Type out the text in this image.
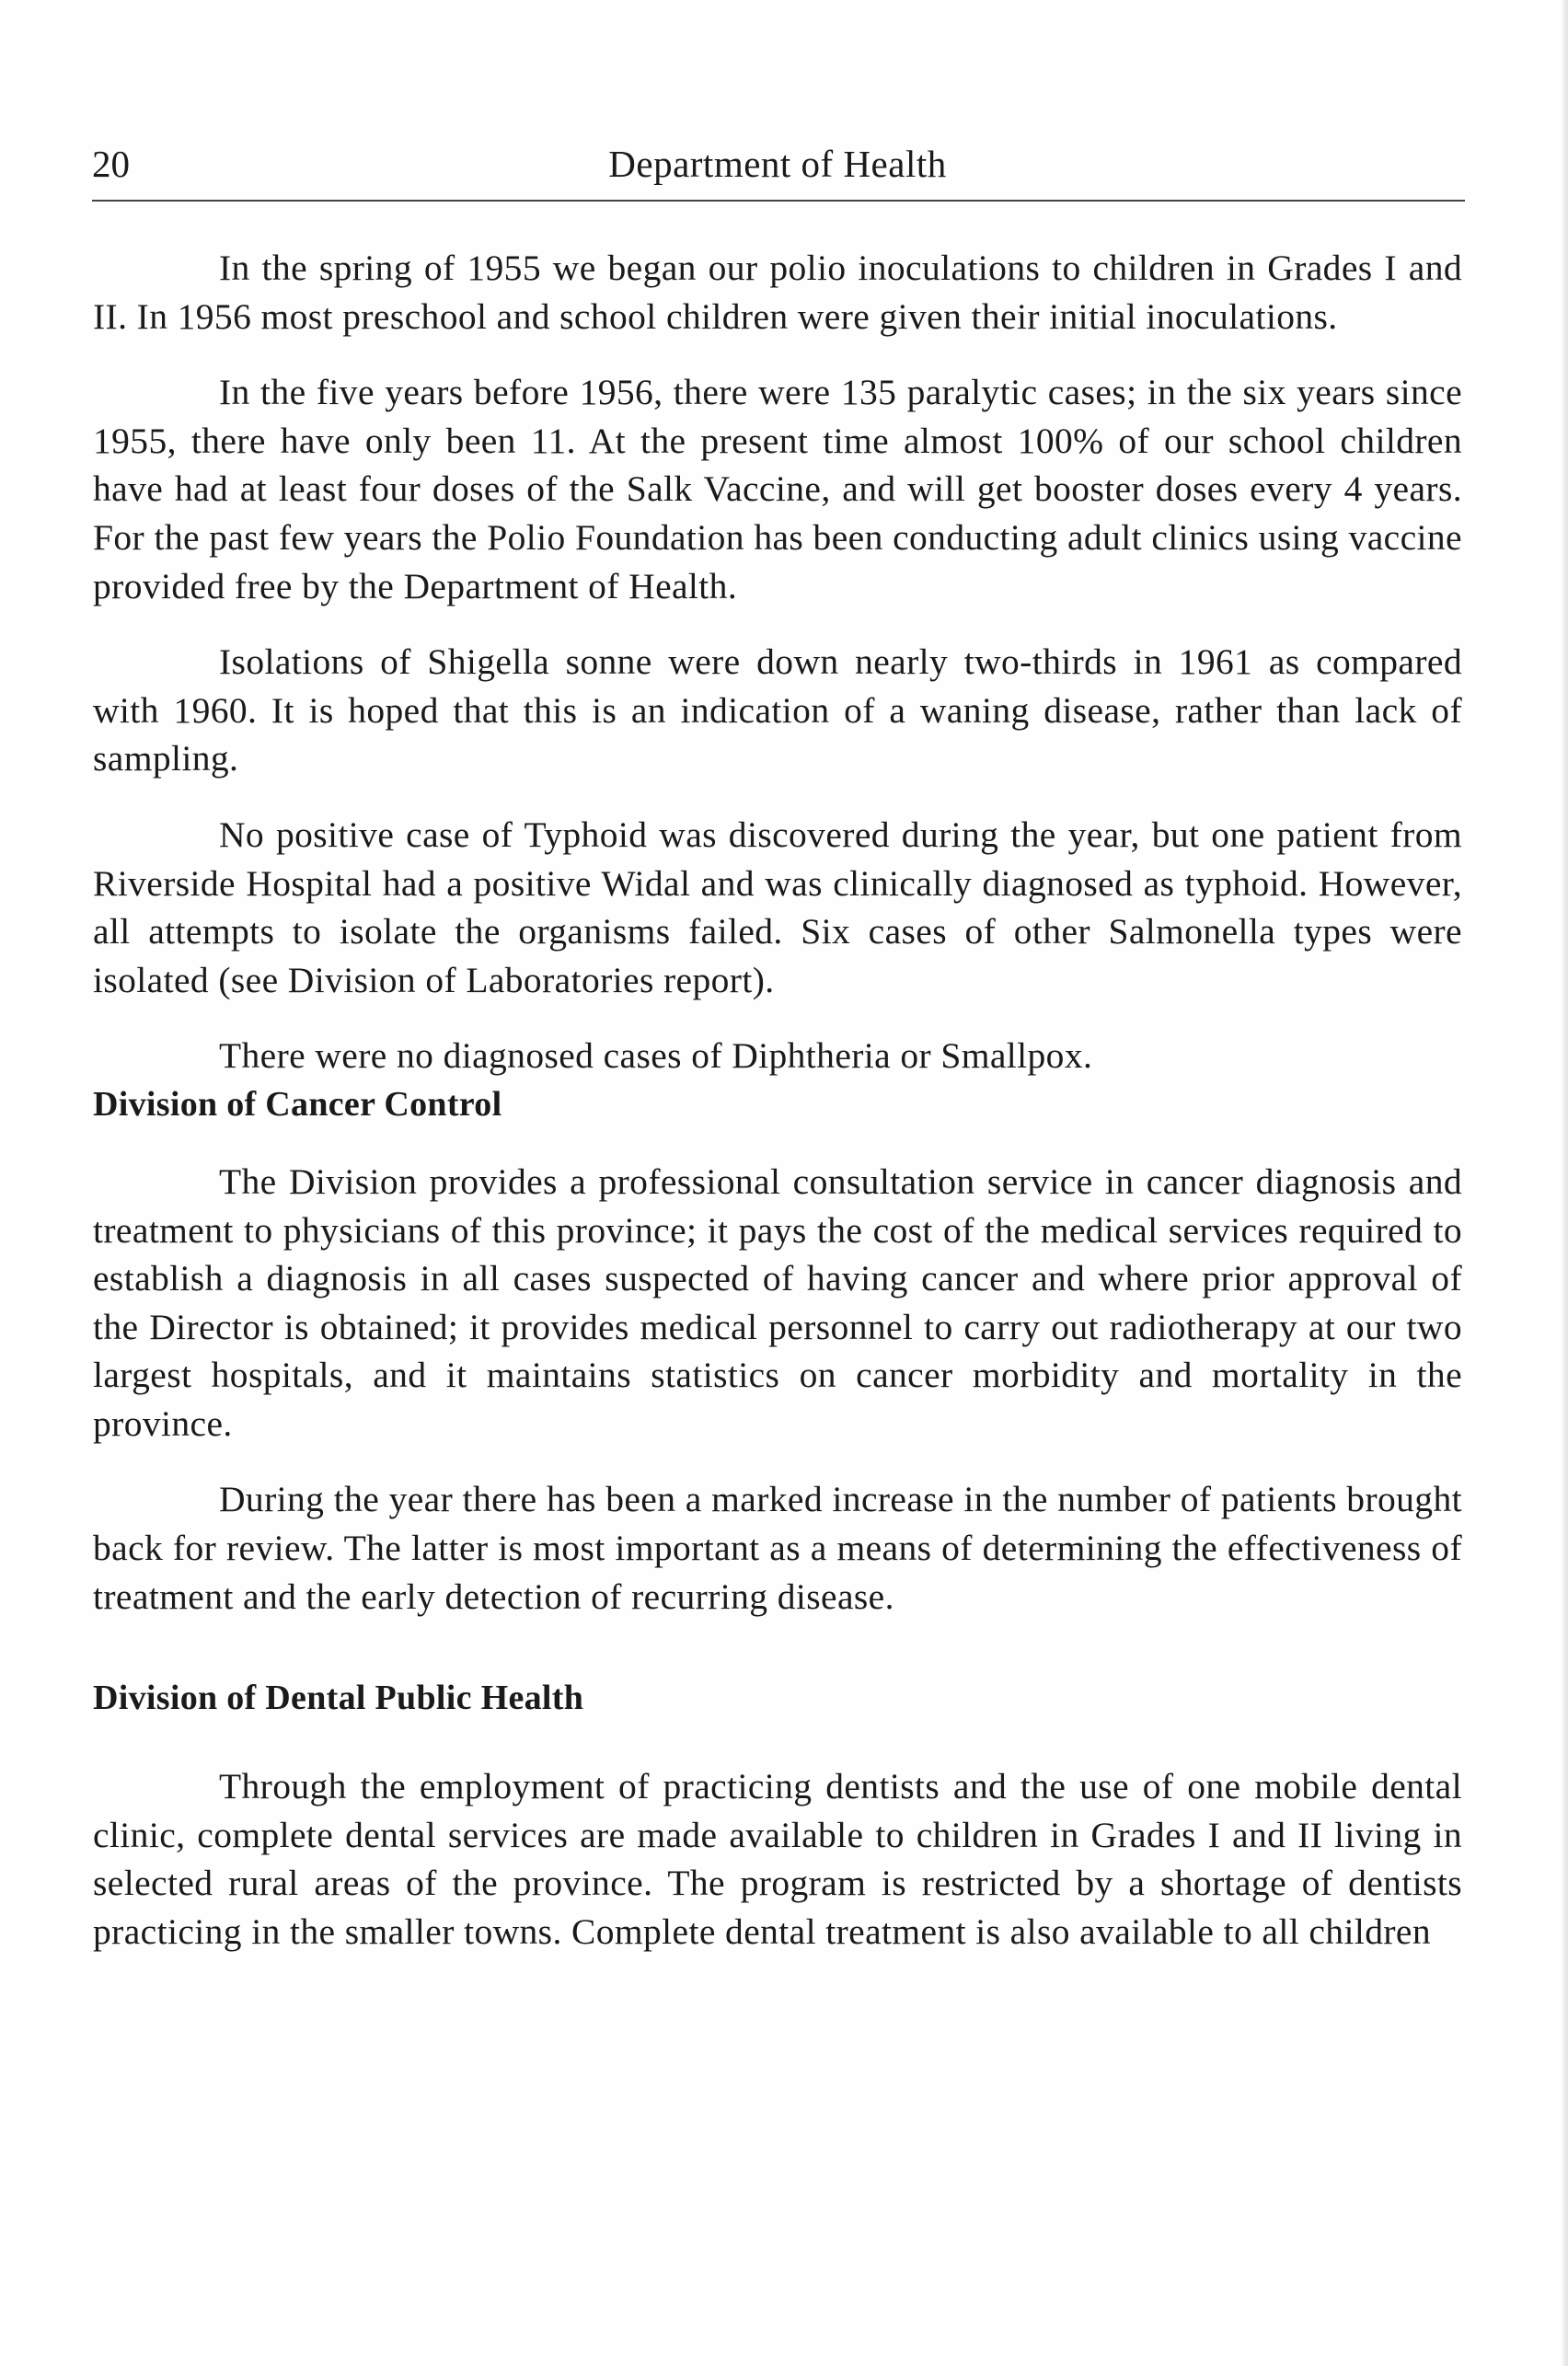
20	Department of Health

In the spring of 1955 we began our polio inoculations to children in Grades I and II. In 1956 most preschool and school children were given their initial inoculations.

In the five years before 1956, there were 135 paralytic cases; in the six years since 1955, there have only been 11. At the present time almost 100% of our school children have had at least four doses of the Salk Vaccine, and will get booster doses every 4 years. For the past few years the Polio Foundation has been conducting adult clinics using vaccine provided free by the Department of Health.

Isolations of Shigella sonne were down nearly two-thirds in 1961 as compared with 1960. It is hoped that this is an indication of a waning disease, rather than lack of sampling.

No positive case of Typhoid was discovered during the year, but one patient from Riverside Hospital had a positive Widal and was clinically diagnosed as typhoid. However, all attempts to isolate the organisms failed. Six cases of other Salmonella types were isolated (see Division of Laboratories report).

There were no diagnosed cases of Diphtheria or Smallpox.

Division of Cancer Control

The Division provides a professional consultation service in cancer diagnosis and treatment to physicians of this province; it pays the cost of the medical services required to establish a diagnosis in all cases suspected of having cancer and where prior approval of the Director is obtained; it provides medical personnel to carry out radiotherapy at our two largest hospitals, and it maintains statistics on cancer morbidity and mortality in the province.

During the year there has been a marked increase in the number of patients brought back for review. The latter is most important as a means of determining the effectiveness of treatment and the early detection of recurring disease.

Division of Dental Public Health

Through the employment of practicing dentists and the use of one mobile dental clinic, complete dental services are made available to children in Grades I and II living in selected rural areas of the province. The program is restricted by a shortage of dentists practicing in the smaller towns. Complete dental treatment is also available to all children
